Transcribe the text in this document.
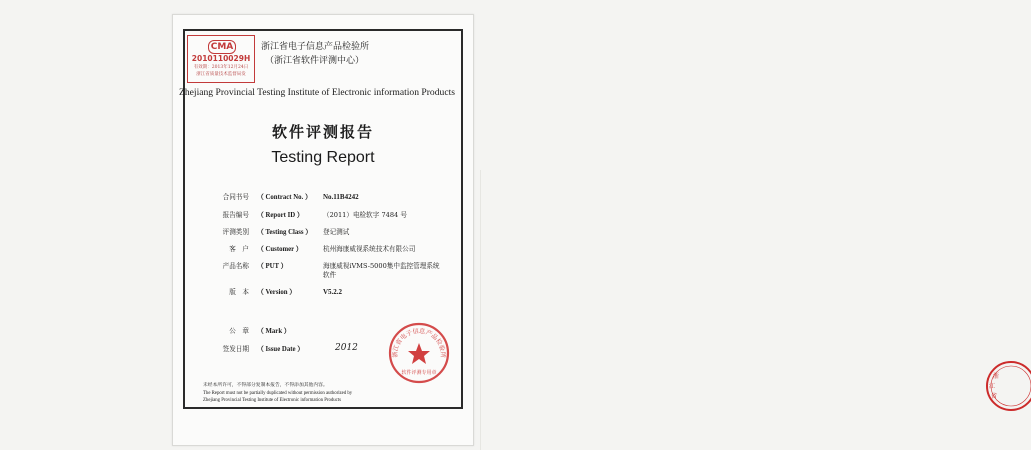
浙
江
省
CMA
2010110029H
有效期：2013年12月24日
浙江省质量技术监督局发
浙江省电子信息产品检验所
（浙江省软件评测中心）
Zhejiang Provincial Testing Institute of Electronic information Products
软件评测报告
Testing Report
合同书号 （ Contract No. ）	No.11B4242
报告编号 （ Report ID ）	（2011）电检软字 7484 号
评测类别 （ Testing Class ）	登记测试
客　户 （ Customer ）	杭州海康威视系统技术有限公司
产品名称 （ PUT ）	海康威视iVMS-5000集中监控管理系统软件
版　本 （ Version ）	V5.2.2
公　章 （ Mark ）
签发日期 （ Issue Date ）	2012
浙江省电子信息产品检验所
软件评测专用章
未经本所许可，不得部分复制本报告，不得添加其他内容。
The Report must not be partially duplicated without permission authorized by
Zhejiang Provincial Testing Institute of Electronic information Products
